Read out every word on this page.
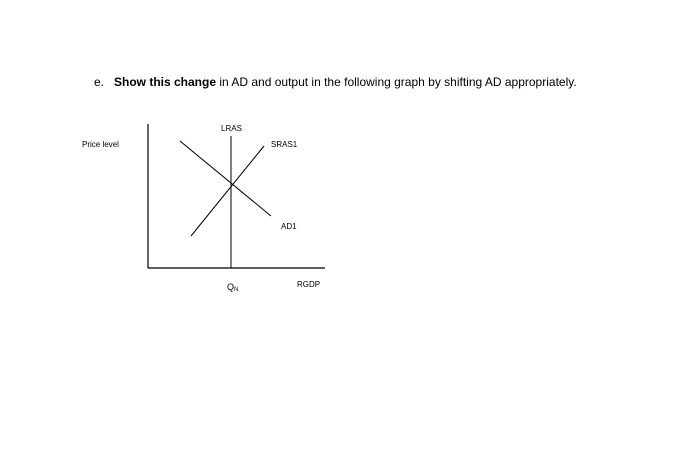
e. Show this change in AD and output in the following graph by shifting AD appropriately.
Price level
LRAS
SRAS1
AD1
RGDP
$Q_N$
